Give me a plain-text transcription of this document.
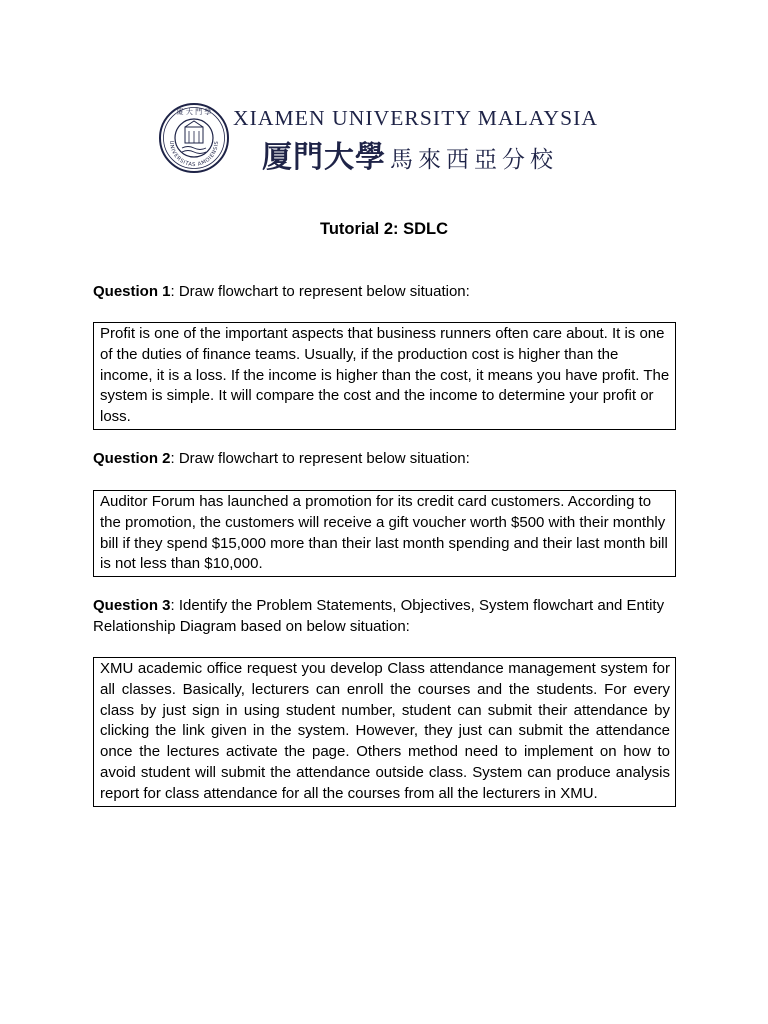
廈 大 門 學
UNIVERSITAS AMOIENSIS
XIAMEN UNIVERSITY MALAYSIA
厦門大學 馬來西亞分校
Tutorial 2: SDLC
Question 1: Draw flowchart to represent below situation:
Profit is one of the important aspects that business runners often care about. It is one of the duties of finance teams. Usually, if the production cost is higher than the income, it is a loss. If the income is higher than the cost, it means you have profit. The system is simple. It will compare the cost and the income to determine your profit or loss.
Question 2: Draw flowchart to represent below situation:
Auditor Forum has launched a promotion for its credit card customers. According to the promotion, the customers will receive a gift voucher worth $500 with their monthly bill if they spend $15,000 more than their last month spending and their last month bill is not less than $10,000.
Question 3: Identify the Problem Statements, Objectives, System flowchart and Entity Relationship Diagram based on below situation:
XMU academic office request you develop Class attendance management system for all classes. Basically, lecturers can enroll the courses and the students. For every class by just sign in using student number, student can submit their attendance by clicking the link given in the system. However, they just can submit the attendance once the lectures activate the page. Others method need to implement on how to avoid student will submit the attendance outside class. System can produce analysis report for class attendance for all the courses from all the lecturers in XMU.
